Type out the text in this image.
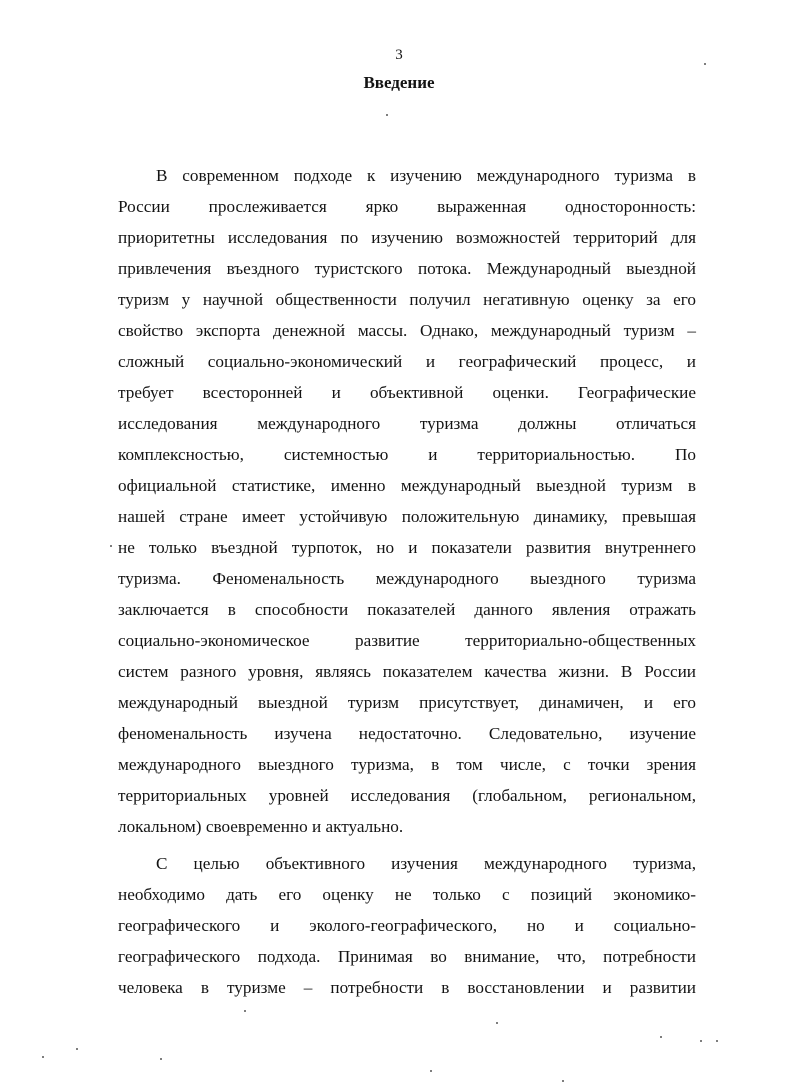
3
Введение
В современном подходе к изучению международного туризма в
России прослеживается ярко выраженная односторонность:
приоритетны исследования по изучению возможностей территорий для
привлечения въездного туристского потока. Международный выездной
туризм у научной общественности получил негативную оценку за его
свойство экспорта денежной массы. Однако, международный туризм –
сложный социально-экономический и географический процесс, и
требует всесторонней и объективной оценки. Географические
исследования международного туризма должны отличаться
комплексностью, системностью и территориальностью. По
официальной статистике, именно международный выездной туризм в
нашей стране имеет устойчивую положительную динамику, превышая
не только въездной турпоток, но и показатели развития внутреннего
туризма. Феноменальность международного выездного туризма
заключается в способности показателей данного явления отражать
социально-экономическое развитие территориально-общественных
систем разного уровня, являясь показателем качества жизни. В России
международный выездной туризм присутствует, динамичен, и его
феноменальность изучена недостаточно. Следовательно, изучение
международного выездного туризма, в том числе, с точки зрения
территориальных уровней исследования (глобальном, региональном,
локальном) своевременно и актуально.
С целью объективного изучения международного туризма,
необходимо дать его оценку не только с позиций экономико-
географического и эколого-географического, но и социально-
географического подхода. Принимая во внимание, что, потребности
человека в туризме – потребности в восстановлении и развитии
